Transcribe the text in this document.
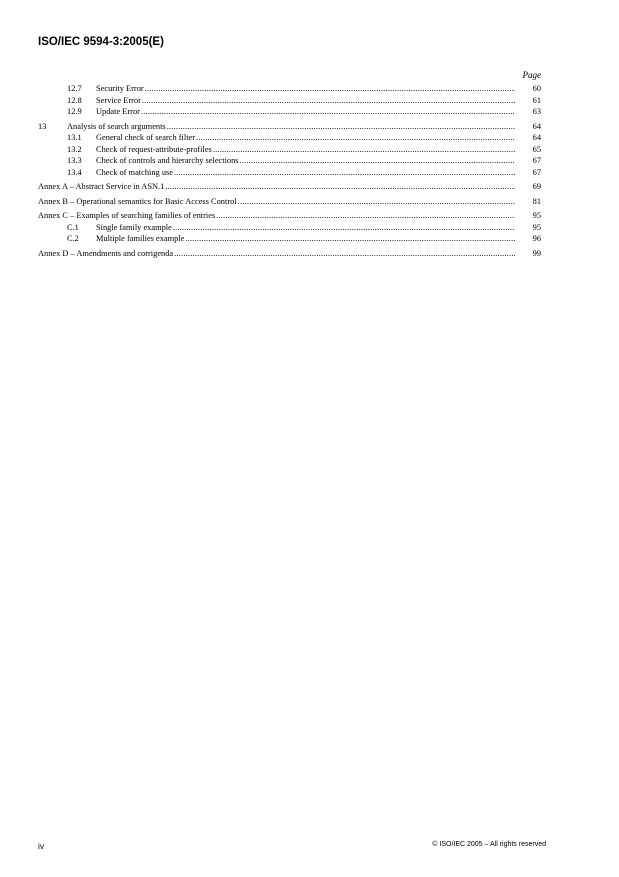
ISO/IEC 9594-3:2005(E)
Page
12.7	Security Error .....	60
12.8	Service Error .....	61
12.9	Update Error .....	63
13	Analysis of search arguments .....	64
13.1	General check of search filter .....	64
13.2	Check of request-attribute-profiles .....	65
13.3	Check of controls and hierarchy selections .....	67
13.4	Check of matching use .....	67
Annex A – Abstract Service in ASN.1 .....	69
Annex B – Operational semantics for Basic Access Control .....	81
Annex C – Examples of searching families of entries .....	95
C.1	Single family example .....	95
C.2	Multiple families example .....	96
Annex D – Amendments and corrigenda .....	99
iv	© ISO/IEC 2005 – All rights reserved
